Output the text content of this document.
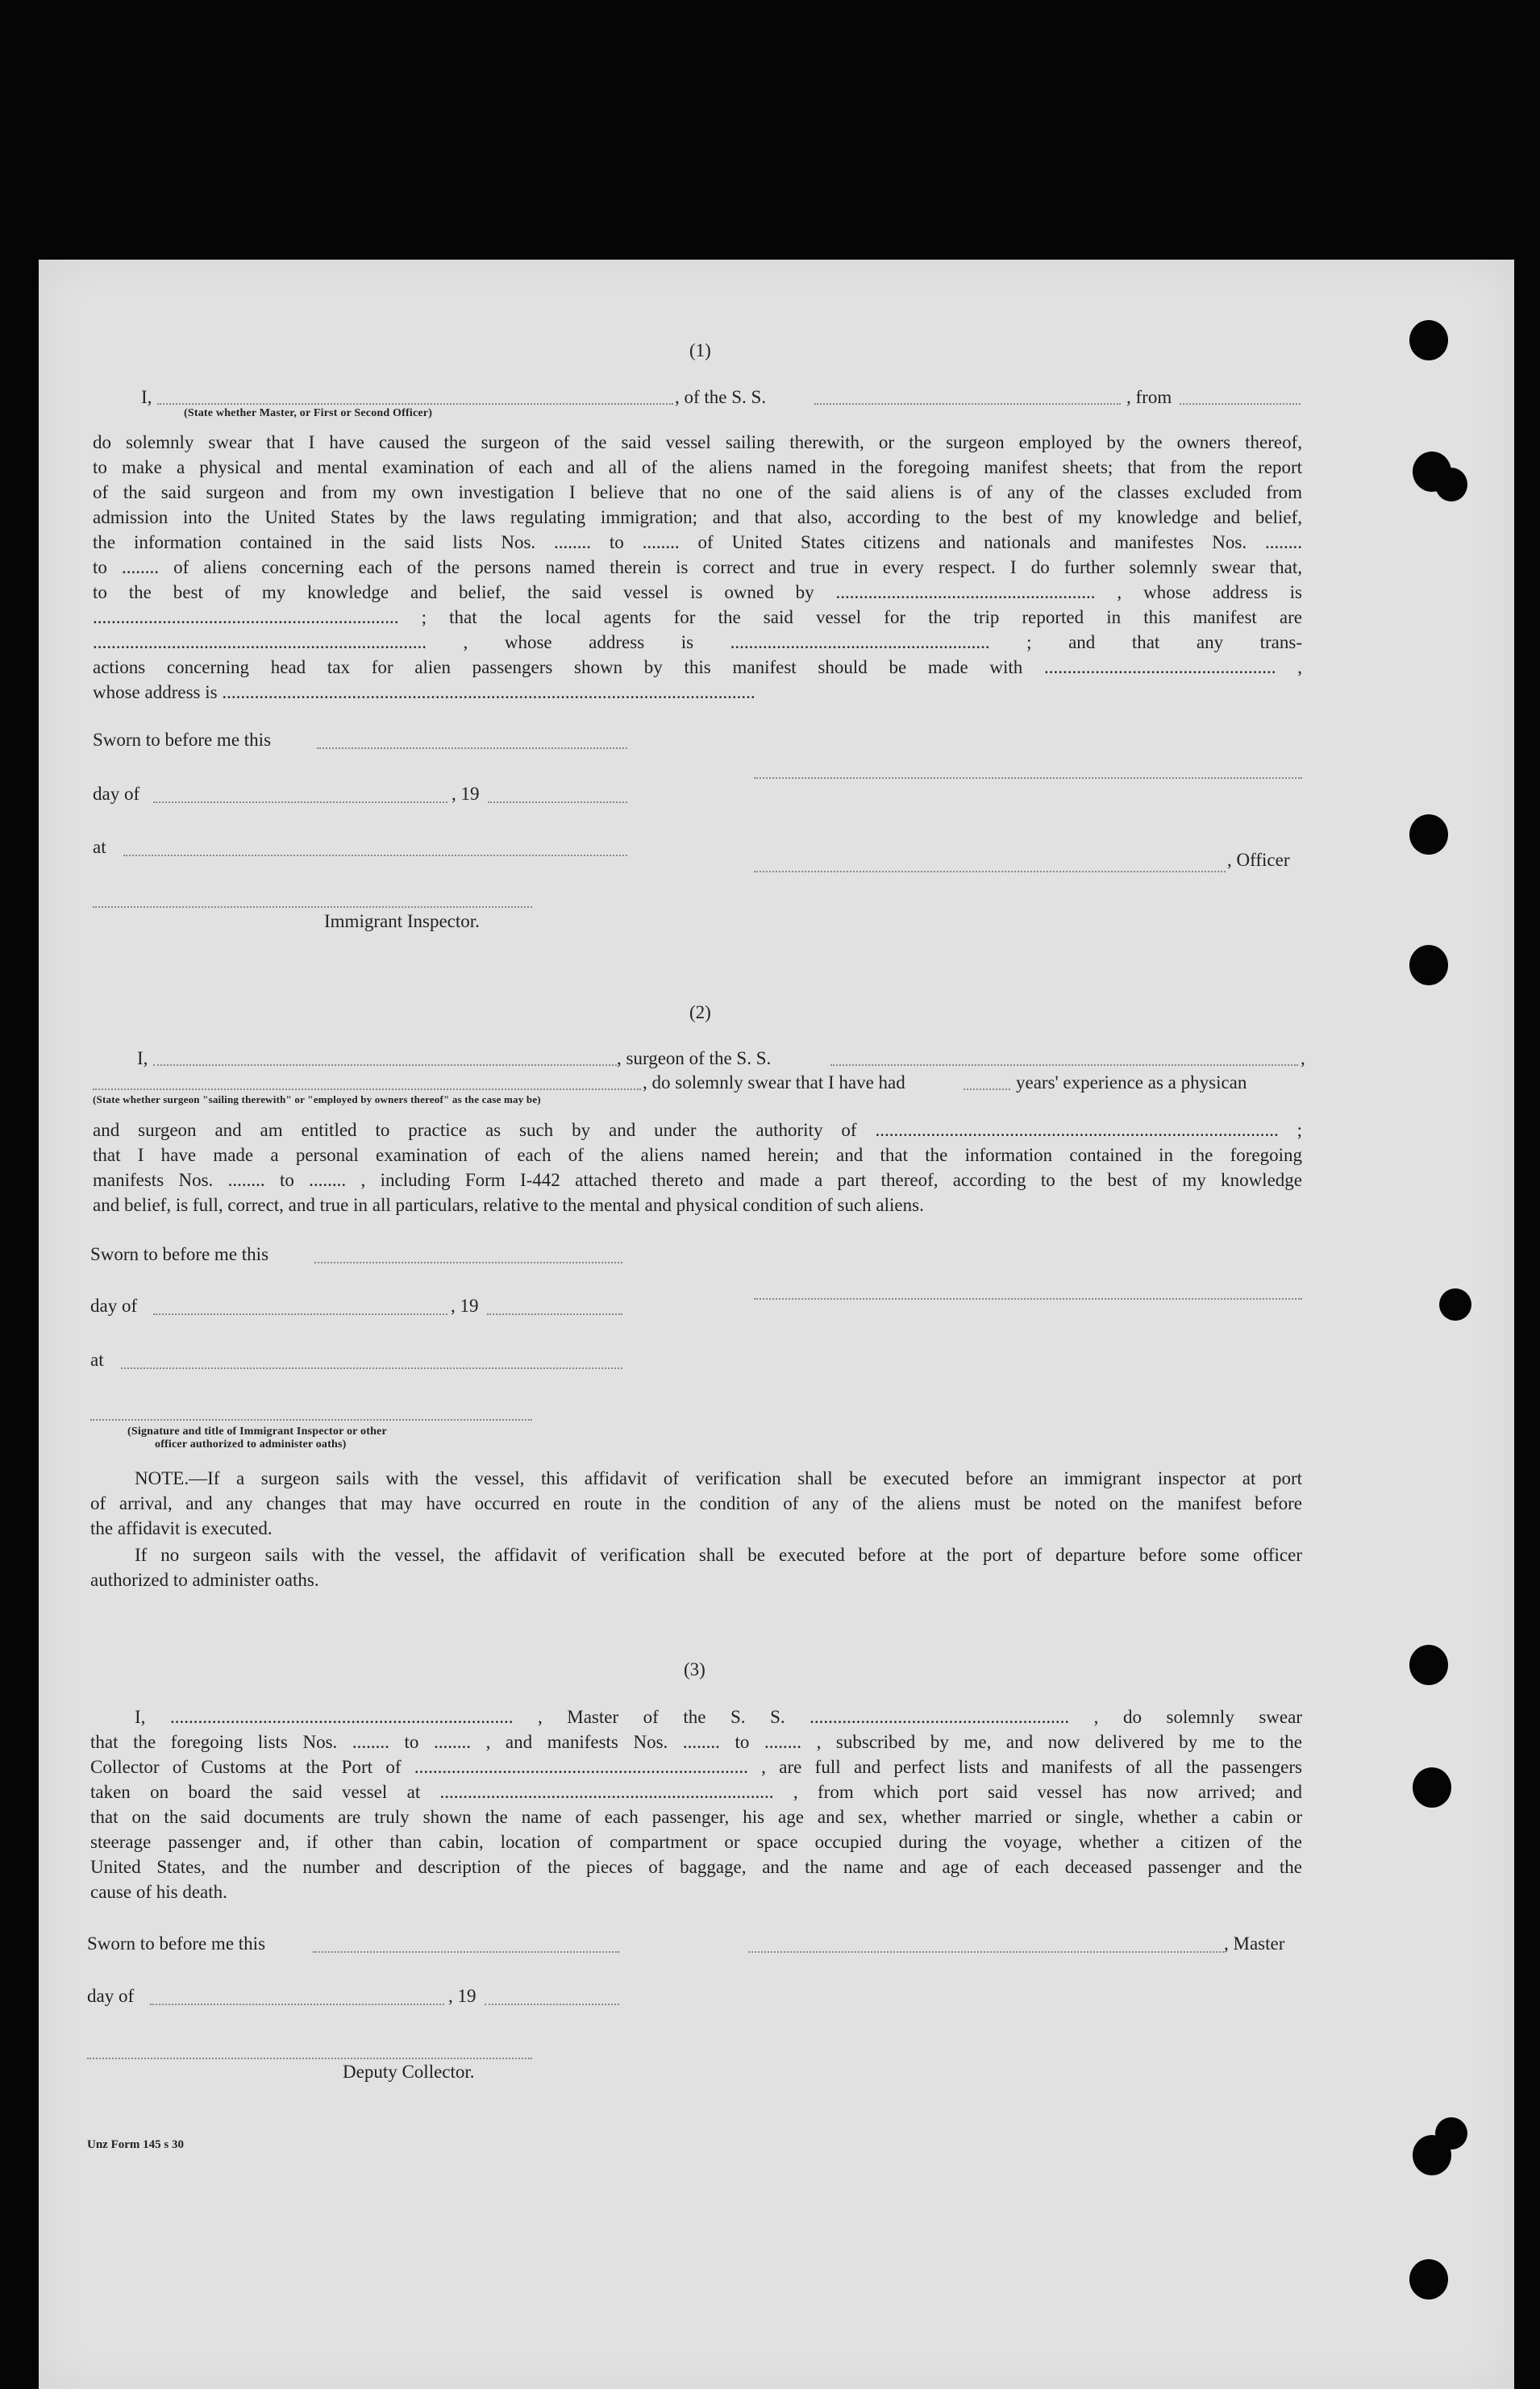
(1)
I,	, of the S. S.	, from
(State whether Master, or First or Second Officer)

do solemnly swear that I have caused the surgeon of the said vessel sailing therewith, or the surgeon employed by the owners thereof,

to make a physical and mental examination of each and all of the aliens named in the foregoing manifest sheets; that from the report

of the said surgeon and from my own investigation I believe that no one of the said aliens is of any of the classes excluded from

admission into the United States by the laws regulating immigration; and that also, according to the best of my knowledge and belief,

the information contained in the said lists Nos. ........ to ........ of United States citizens and nationals and manifestes Nos. ........

to ........ of aliens concerning each of the persons named therein is correct and true in every respect. I do further solemnly swear that,

to the best of my knowledge and belief, the said vessel is owned by ........................................................ , whose address is

.................................................................. ; that the local agents for the said vessel for the trip reported in this manifest are

........................................................................ , whose address is ........................................................ ; and that any trans-

actions concerning head tax for alien passengers shown by this manifest should be made with .................................................. ,

whose address is ...................................................................................................................

Sworn to before me this
day of	, 19
at
, Officer
Immigrant Inspector.
(2)
I,	, surgeon of the S. S.	,
, do solemnly swear that I have had	years' experience as a physican
(State whether surgeon "sailing therewith" or "employed by owners thereof" as the case may be)

and surgeon and am entitled to practice as such by and under the authority of ....................................................................................... ;

that I have made a personal examination of each of the aliens named herein; and that the information contained in the foregoing

manifests Nos. ........ to ........ , including Form I-442 attached thereto and made a part thereof, according to the best of my knowledge

and belief, is full, correct, and true in all particulars, relative to the mental and physical condition of such aliens.

Sworn to before me this
day of	, 19
at
(Signature and title of Immigrant Inspector or other
officer authorized to administer oaths)

NOTE.—If a surgeon sails with the vessel, this affidavit of verification shall be executed before an immigrant inspector at port

of arrival, and any changes that may have occurred en route in the condition of any of the aliens must be noted on the manifest before

the affidavit is executed.

If no surgeon sails with the vessel, the affidavit of verification shall be executed before at the port of departure before some officer

authorized to administer oaths.

(3)

I, .......................................................................... , Master of the S. S. ........................................................ , do solemnly swear

that the foregoing lists Nos. ........ to ........ , and manifests Nos. ........ to ........ , subscribed by me, and now delivered by me to the

Collector of Customs at the Port of ........................................................................ , are full and perfect lists and manifests of all the passengers

taken on board the said vessel at ........................................................................ , from which port said vessel has now arrived; and

that on the said documents are truly shown the name of each passenger, his age and sex, whether married or single, whether a cabin or

steerage passenger and, if other than cabin, location of compartment or space occupied during the voyage, whether a citizen of the

United States, and the number and description of the pieces of baggage, and the name and age of each deceased passenger and the

cause of his death.

Sworn to before me this	, Master
day of	, 19
Deputy Collector.
Unz Form 145 s 30
